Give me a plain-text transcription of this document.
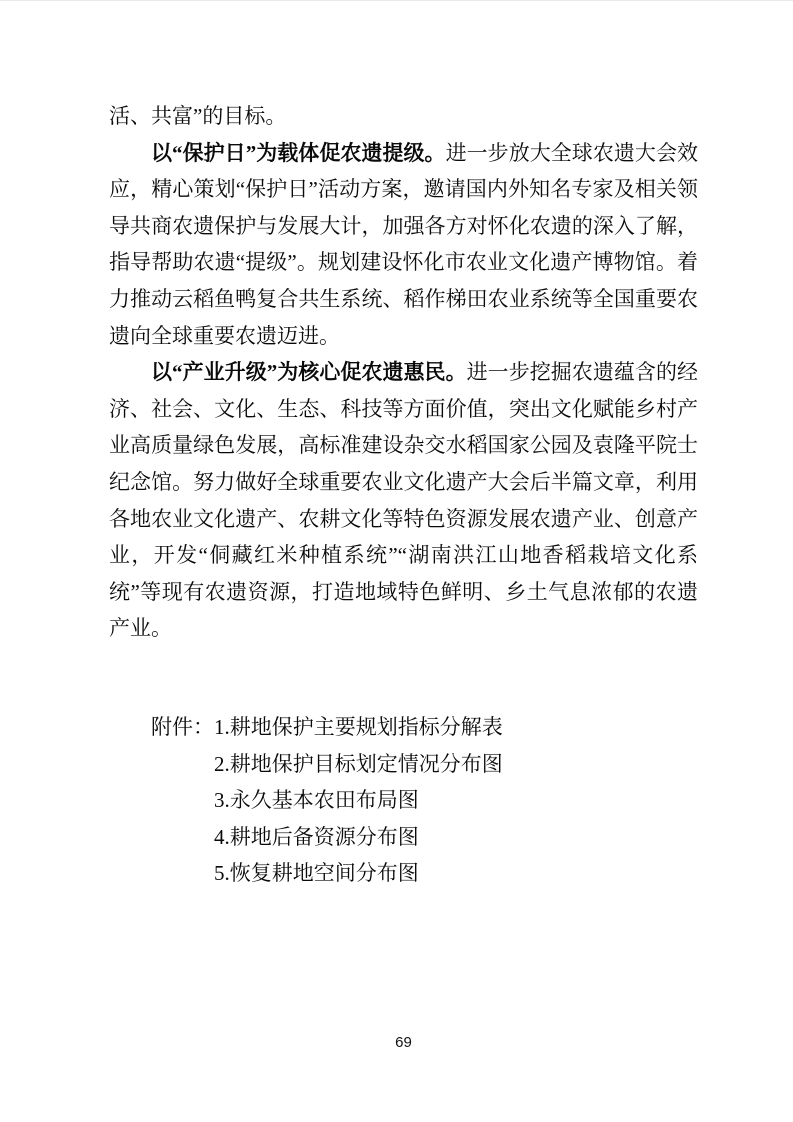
活、共富”的目标。

以“保护日”为载体促农遗提级。进一步放大全球农遗大会效应，精心策划“保护日”活动方案，邀请国内外知名专家及相关领导共商农遗保护与发展大计，加强各方对怀化农遗的深入了解，指导帮助农遗“提级”。规划建设怀化市农业文化遗产博物馆。着力推动云稻鱼鸭复合共生系统、稻作梯田农业系统等全国重要农遗向全球重要农遗迈进。

以“产业升级”为核心促农遗惠民。进一步挖掘农遗蕴含的经济、社会、文化、生态、科技等方面价值，突出文化赋能乡村产业高质量绿色发展，高标准建设杂交水稻国家公园及袁隆平院士纪念馆。努力做好全球重要农业文化遗产大会后半篇文章，利用各地农业文化遗产、农耕文化等特色资源发展农遗产业、创意产业，开发“侗藏红米种植系统”“湖南洪江山地香稻栽培文化系统”等现有农遗资源，打造地域特色鲜明、乡土气息浓郁的农遗产业。

附件： 1.耕地保护主要规划指标分解表
2.耕地保护目标划定情况分布图
3.永久基本农田布局图
4.耕地后备资源分布图
5.恢复耕地空间分布图
69
